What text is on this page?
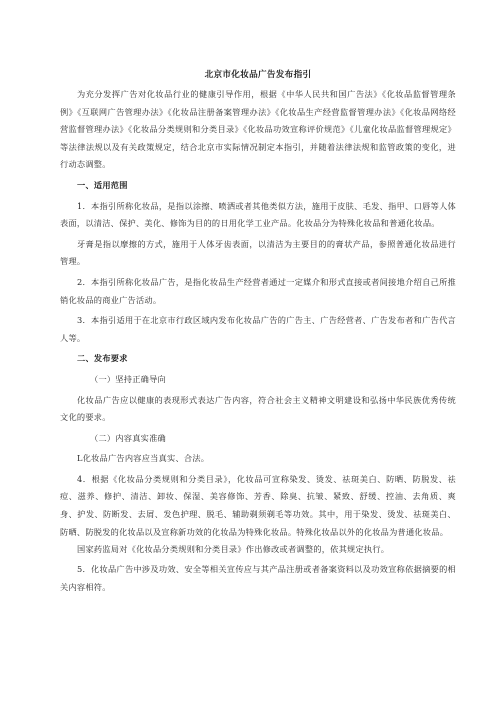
北京市化妆品广告发布指引

为充分发挥广告对化妆品行业的健康引导作用，根据《中华人民共和国广告法》《化妆品监督管理条例》《互联网广告管理办法》《化妆品注册备案管理办法》《化妆品生产经营监督管理办法》《化妆品网络经营监督管理办法》《化妆品分类规则和分类目录》《化妆品功效宣称评价规范》《儿童化妆品监督管理规定》等法律法规以及有关政策规定，结合北京市实际情况制定本指引，并随着法律法规和监管政策的变化，进行动态调整。

一、适用范围

1．本指引所称化妆品，是指以涂擦、喷洒或者其他类似方法，施用于皮肤、毛发、指甲、口唇等人体表面，以清洁、保护、美化、修饰为目的的日用化学工业产品。化妆品分为特殊化妆品和普通化妆品。

牙膏是指以摩擦的方式，施用于人体牙齿表面，以清洁为主要目的的膏状产品，参照普通化妆品进行管理。

2．本指引所称化妆品广告，是指化妆品生产经营者通过一定媒介和形式直接或者间接地介绍自己所推销化妆品的商业广告活动。

3．本指引适用于在北京市行政区域内发布化妆品广告的广告主、广告经营者、广告发布者和广告代言人等。

二、发布要求

（一）坚持正确导向

化妆品广告应以健康的表现形式表达广告内容，符合社会主义精神文明建设和弘扬中华民族优秀传统文化的要求。

（二）内容真实准确

L化妆品广告内容应当真实、合法。

4．根据《化妆品分类规则和分类目录》，化妆品可宣称染发、烫发、祛斑美白、防晒、防脱发、祛痘、滋养、修护、清洁、卸妆、保湿、美容修饰、芳香、除臭、抗皱、紧致、舒缓、控油、去角质、爽身、护发、防断发、去屑、发色护理、脱毛、辅助剃须剃毛等功效。其中，用于染发、烫发、祛斑美白、防晒、防脱发的化妆品以及宣称新功效的化妆品为特殊化妆品。特殊化妆品以外的化妆品为普通化妆品。

国家药监局对《化妆品分类规则和分类目录》作出修改或者调整的，依其规定执行。

5．化妆品广告中涉及功效、安全等相关宣传应与其产品注册或者备案资料以及功效宣称依据摘要的相关内容相符。
